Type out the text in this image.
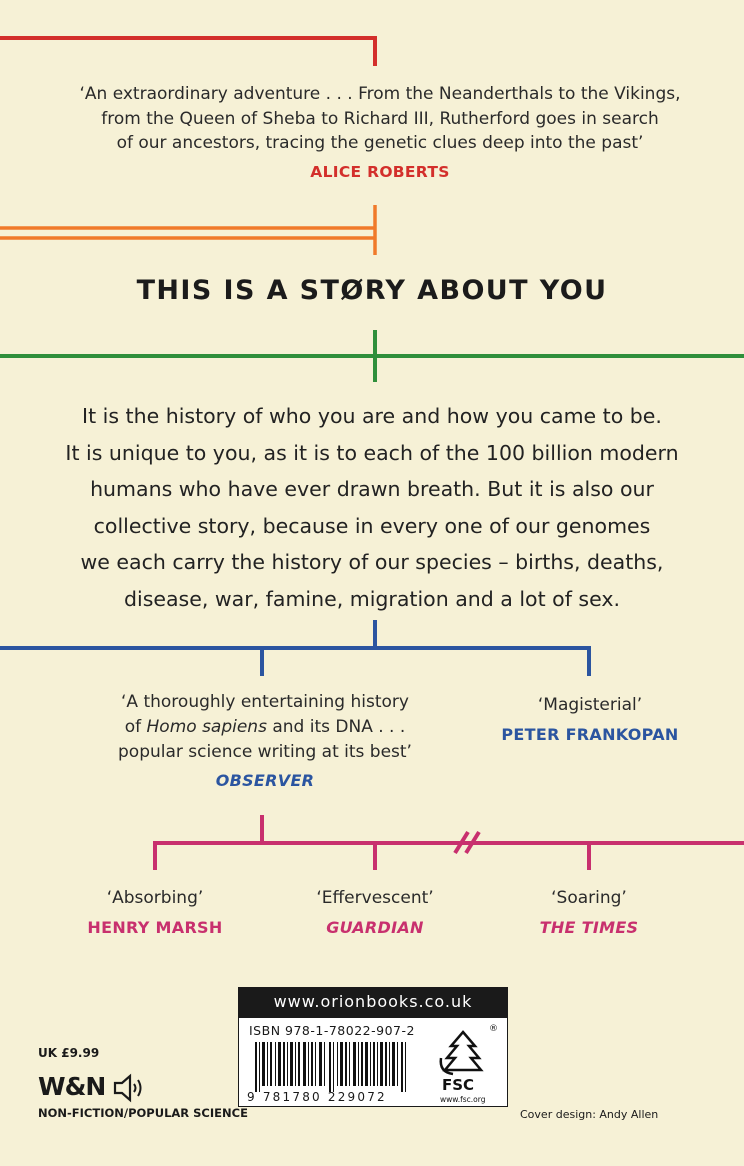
‘An extraordinary adventure . . . From the Neanderthals to the Vikings,
from the Queen of Sheba to Richard III, Rutherford goes in search
of our ancestors, tracing the genetic clues deep into the past’
ALICE ROBERTS
THIS IS A STØRY ABOUT YOU
It is the history of who you are and how you came to be.
It is unique to you, as it is to each of the 100 billion modern
humans who have ever drawn breath. But it is also our
collective story, because in every one of our genomes
we each carry the history of our species – births, deaths,
disease, war, famine, migration and a lot of sex.
‘A thoroughly entertaining history
of Homo sapiens and its DNA . . .
popular science writing at its best’
OBSERVER
‘Magisterial’
PETER FRANKOPAN
‘Absorbing’
HENRY MARSH
‘Effervescent’
GUARDIAN
‘Soaring’
THE TIMES
www.orionbooks.co.uk
ISBN 978-1-78022-907-2
9 781780 229072
®
FSC
www.fsc.org
UK £9.99
W&N
NON-FICTION/POPULAR SCIENCE	Cover design: Andy Allen
